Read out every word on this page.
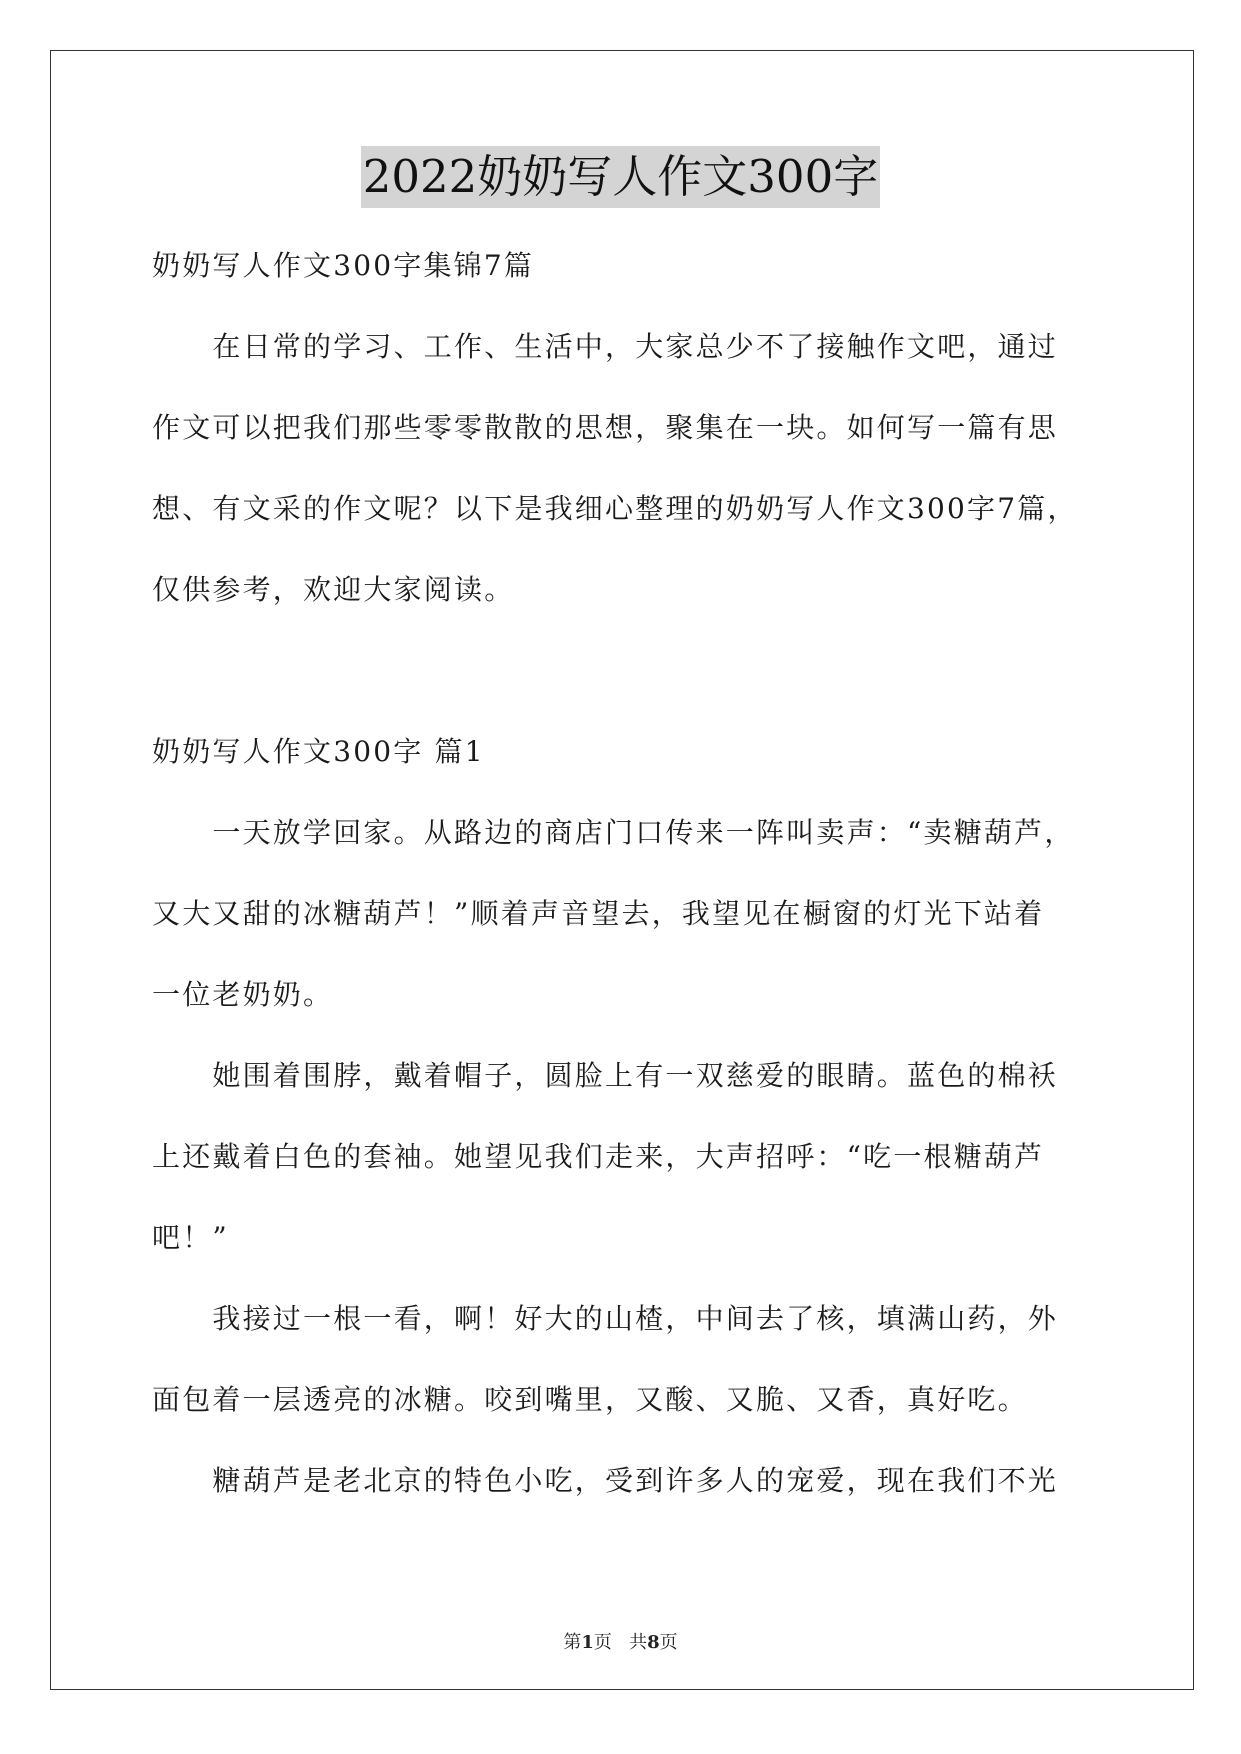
2022奶奶写人作文300字
奶奶写人作文300字集锦7篇
　　在日常的学习、工作、生活中，大家总少不了接触作文吧，通过
作文可以把我们那些零零散散的思想，聚集在一块。如何写一篇有思
想、有文采的作文呢？以下是我细心整理的奶奶写人作文300字7篇，
仅供参考，欢迎大家阅读。
奶奶写人作文300字 篇1
　　一天放学回家。从路边的商店门口传来一阵叫卖声：“卖糖葫芦，
又大又甜的冰糖葫芦！”顺着声音望去，我望见在橱窗的灯光下站着
一位老奶奶。
　　她围着围脖，戴着帽子，圆脸上有一双慈爱的眼睛。蓝色的棉袄
上还戴着白色的套袖。她望见我们走来，大声招呼：“吃一根糖葫芦
吧！”
　　我接过一根一看，啊！好大的山楂，中间去了核，填满山药，外
面包着一层透亮的冰糖。咬到嘴里，又酸、又脆、又香，真好吃。
　　糖葫芦是老北京的特色小吃，受到许多人的宠爱，现在我们不光
第1页 共8页
